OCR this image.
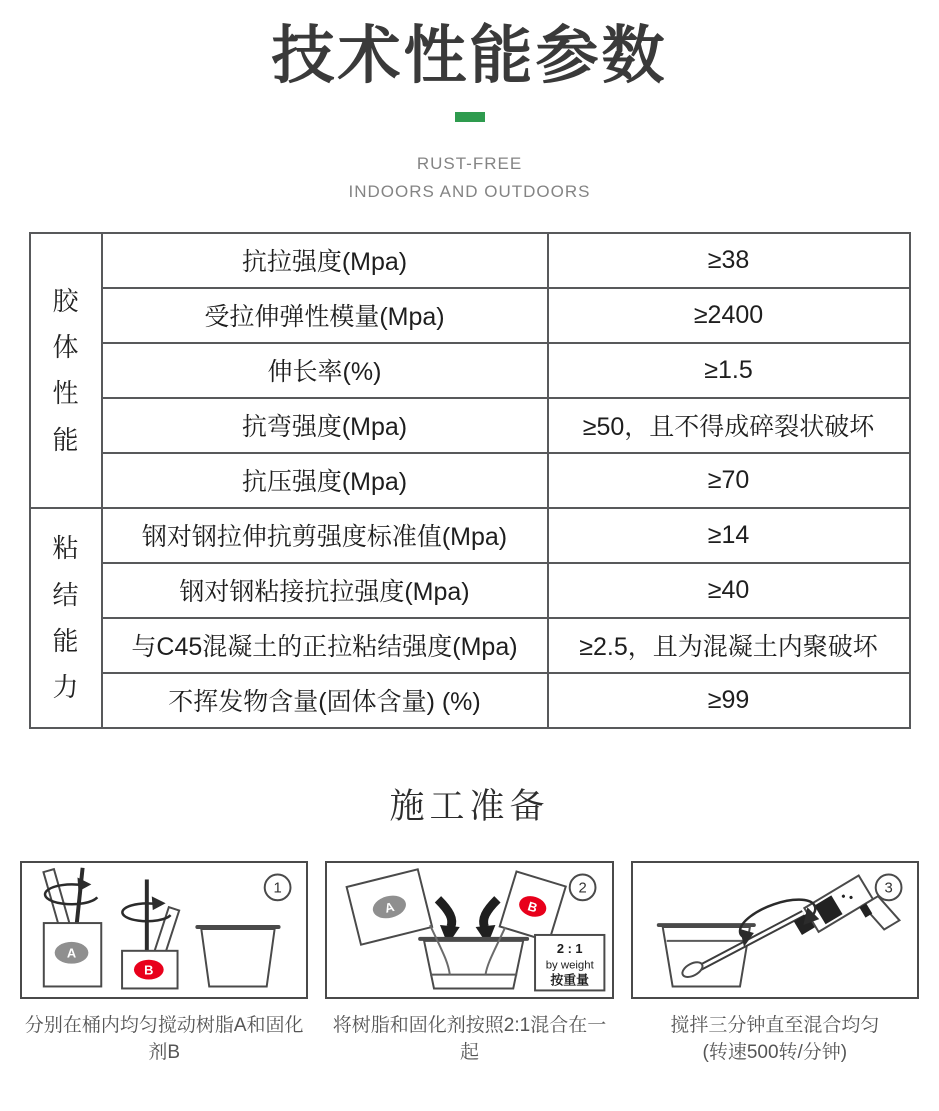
技术性能参数
RUST-FREE
INDOORS AND OUTDOORS
胶体性能	抗拉强度(Mpa)	≥38
	受拉伸弹性模量(Mpa)	≥2400
	伸长率(%)	≥1.5
	抗弯强度(Mpa)	≥50，且不得成碎裂状破坏
	抗压强度(Mpa)	≥70

粘结能力	钢对钢拉伸抗剪强度标准值(Mpa)	≥14
	钢对钢粘接抗拉强度(Mpa)	≥40
	与C45混凝土的正拉粘结强度(Mpa)	≥2.5，且为混凝土内聚破坏
	不挥发物含量(固体含量) (%)	≥99
施工准备
A
B
1
分别在桶内均匀搅动树脂A和固化剂B
A	B
2 : 1
by weight
按重量
2
将树脂和固化剂按照2:1混合在一起
3
搅拌三分钟直至混合均匀
(转速500转/分钟)
